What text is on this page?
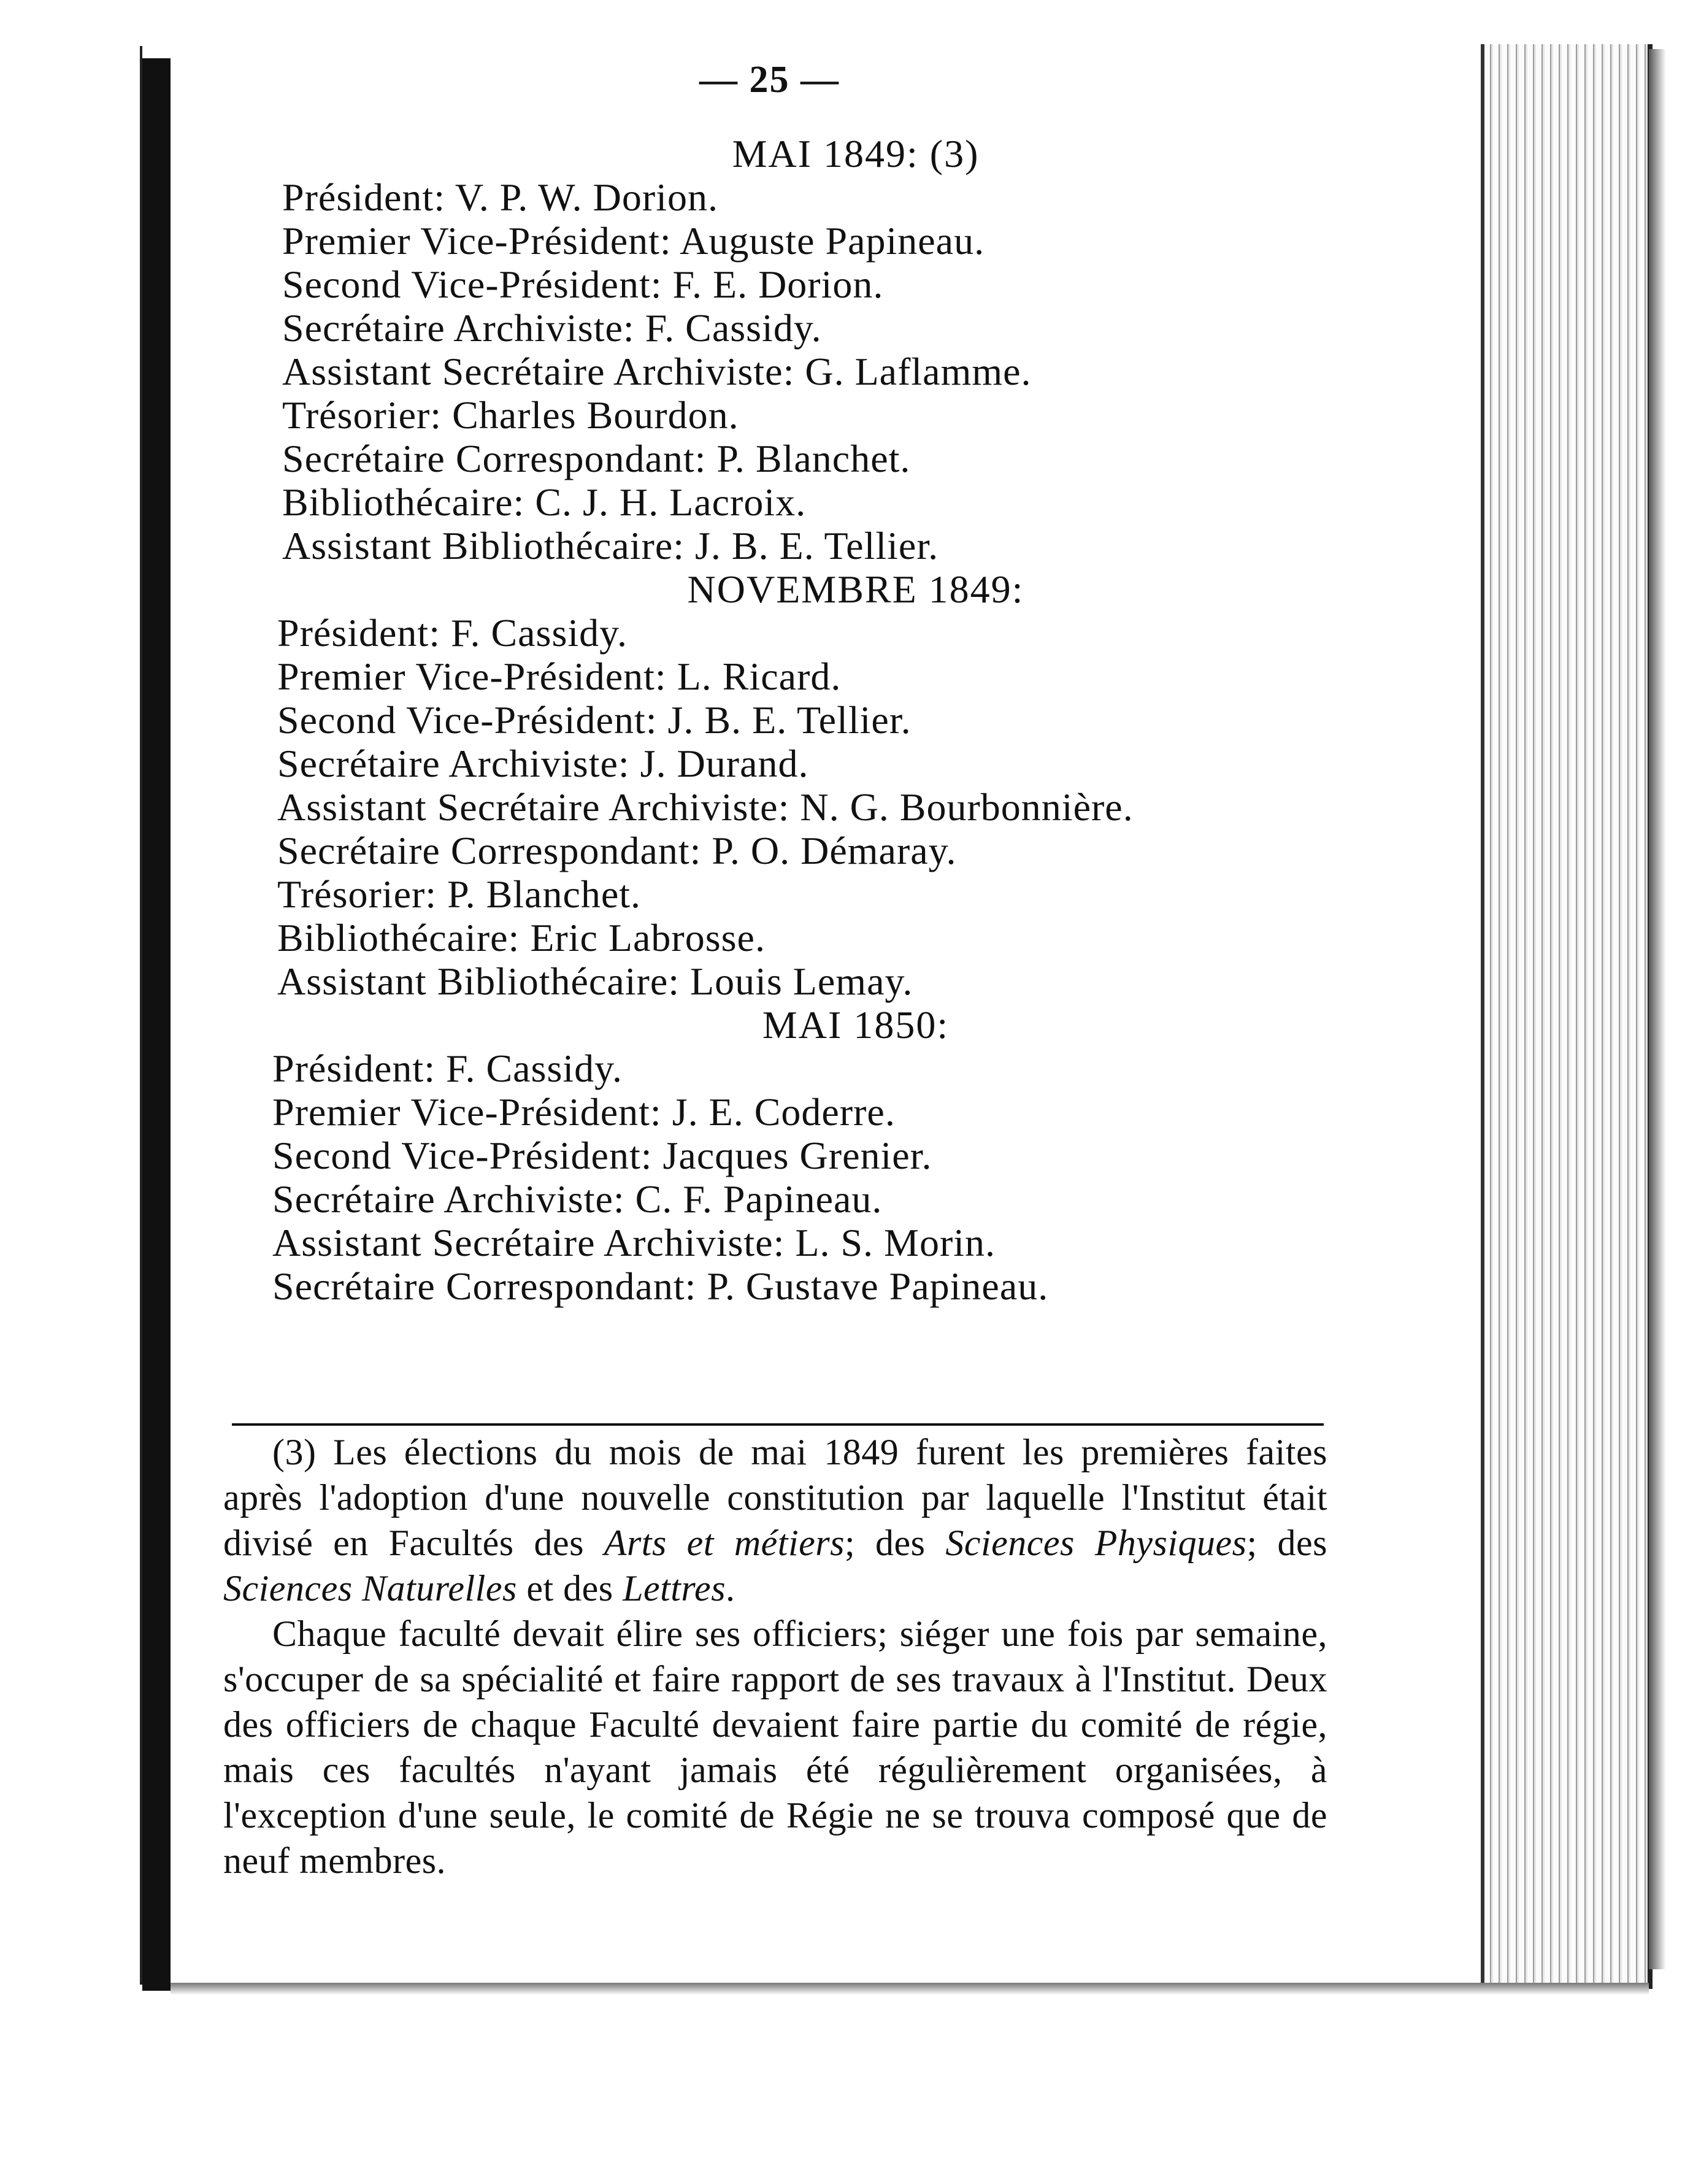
— 25 —
MAI 1849: (3)
Président: V. P. W. Dorion.
Premier Vice-Président: Auguste Papineau.
Second Vice-Président: F. E. Dorion.
Secrétaire Archiviste: F. Cassidy.
Assistant Secrétaire Archiviste: G. Laflamme.
Trésorier: Charles Bourdon.
Secrétaire Correspondant: P. Blanchet.
Bibliothécaire: C. J. H. Lacroix.
Assistant Bibliothécaire: J. B. E. Tellier.
NOVEMBRE 1849:
Président: F. Cassidy.
Premier Vice-Président: L. Ricard.
Second Vice-Président: J. B. E. Tellier.
Secrétaire Archiviste: J. Durand.
Assistant Secrétaire Archiviste: N. G. Bourbonnière.
Secrétaire Correspondant: P. O. Démaray.
Trésorier: P. Blanchet.
Bibliothécaire: Eric Labrosse.
Assistant Bibliothécaire: Louis Lemay.
MAI 1850:
Président: F. Cassidy.
Premier Vice-Président: J. E. Coderre.
Second Vice-Président: Jacques Grenier.
Secrétaire Archiviste: C. F. Papineau.
Assistant Secrétaire Archiviste: L. S. Morin.
Secrétaire Correspondant: P. Gustave Papineau.

(3) Les élections du mois de mai 1849 furent les premières faites après l'adoption d'une nouvelle constitution par laquelle l'Institut était divisé en Facultés des Arts et métiers; des Sciences Physiques; des Sciences Naturelles et des Lettres.

Chaque faculté devait élire ses officiers; siéger une fois par semaine, s'occuper de sa spécialité et faire rapport de ses travaux à l'Institut. Deux des officiers de chaque Faculté devaient faire partie du comité de régie, mais ces facultés n'ayant jamais été régulièrement organisées, à l'exception d'une seule, le comité de Régie ne se trouva composé que de neuf membres.
